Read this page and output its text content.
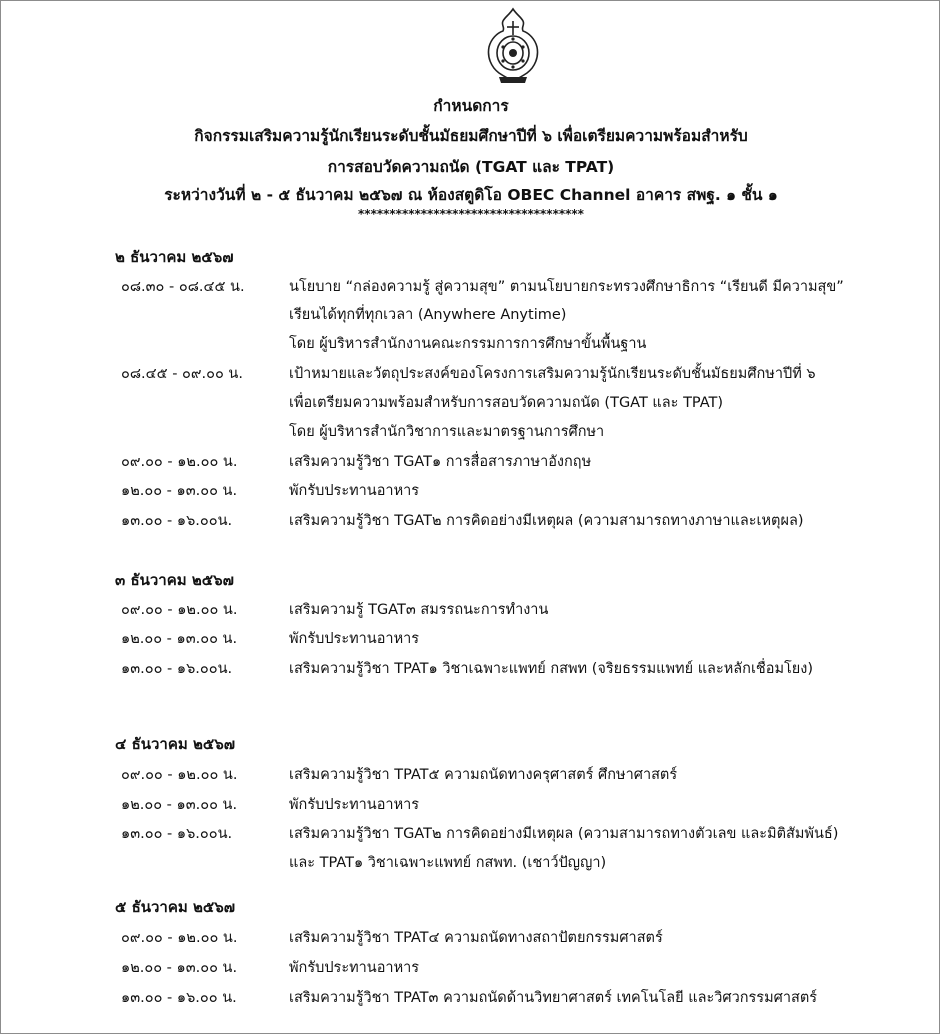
กำหนดการ
กิจกรรมเสริมความรู้นักเรียนระดับชั้นมัธยมศึกษาปีที่ ๖ เพื่อเตรียมความพร้อมสำหรับ
การสอบวัดความถนัด (TGAT และ TPAT)
ระหว่างวันที่ ๒ - ๕ ธันวาคม ๒๕๖๗ ณ ห้องสตูดิโอ OBEC Channel อาคาร สพฐ. ๑ ชั้น ๑
************************************
๒ ธันวาคม ๒๕๖๗
๐๘.๓๐ - ๐๘.๔๕ น.	นโยบาย “กล่องความรู้ สู่ความสุข” ตามนโยบายกระทรวงศึกษาธิการ “เรียนดี มีความสุข”
เรียนได้ทุกที่ทุกเวลา (Anywhere Anytime)
โดย ผู้บริหารสำนักงานคณะกรรมการการศึกษาขั้นพื้นฐาน
๐๘.๔๕ - ๐๙.๐๐ น.	เป้าหมายและวัตถุประสงค์ของโครงการเสริมความรู้นักเรียนระดับชั้นมัธยมศึกษาปีที่ ๖
เพื่อเตรียมความพร้อมสำหรับการสอบวัดความถนัด (TGAT และ TPAT)
โดย ผู้บริหารสำนักวิชาการและมาตรฐานการศึกษา
๐๙.๐๐ - ๑๒.๐๐ น.	เสริมความรู้วิชา TGAT๑ การสื่อสารภาษาอังกฤษ
๑๒.๐๐ - ๑๓.๐๐ น.	พักรับประทานอาหาร
๑๓.๐๐ - ๑๖.๐๐น.	เสริมความรู้วิชา TGAT๒ การคิดอย่างมีเหตุผล (ความสามารถทางภาษาและเหตุผล)
๓ ธันวาคม ๒๕๖๗
๐๙.๐๐ - ๑๒.๐๐ น.	เสริมความรู้ TGAT๓ สมรรถนะการทำงาน
๑๒.๐๐ - ๑๓.๐๐ น.	พักรับประทานอาหาร
๑๓.๐๐ - ๑๖.๐๐น.	เสริมความรู้วิชา TPAT๑ วิชาเฉพาะแพทย์ กสพท (จริยธรรมแพทย์ และหลักเชื่อมโยง)
๔ ธันวาคม ๒๕๖๗
๐๙.๐๐ - ๑๒.๐๐ น.	เสริมความรู้วิชา TPAT๕ ความถนัดทางครุศาสตร์ ศึกษาศาสตร์
๑๒.๐๐ - ๑๓.๐๐ น.	พักรับประทานอาหาร
๑๓.๐๐ - ๑๖.๐๐น.	เสริมความรู้วิชา TGAT๒ การคิดอย่างมีเหตุผล (ความสามารถทางตัวเลข และมิติสัมพันธ์)
และ TPAT๑ วิชาเฉพาะแพทย์ กสพท. (เชาว์ปัญญา)
๕ ธันวาคม ๒๕๖๗
๐๙.๐๐ - ๑๒.๐๐ น.	เสริมความรู้วิชา TPAT๔ ความถนัดทางสถาปัตยกรรมศาสตร์
๑๒.๐๐ - ๑๓.๐๐ น.	พักรับประทานอาหาร
๑๓.๐๐ - ๑๖.๐๐ น.	เสริมความรู้วิชา TPAT๓ ความถนัดด้านวิทยาศาสตร์ เทคโนโลยี และวิศวกรรมศาสตร์
